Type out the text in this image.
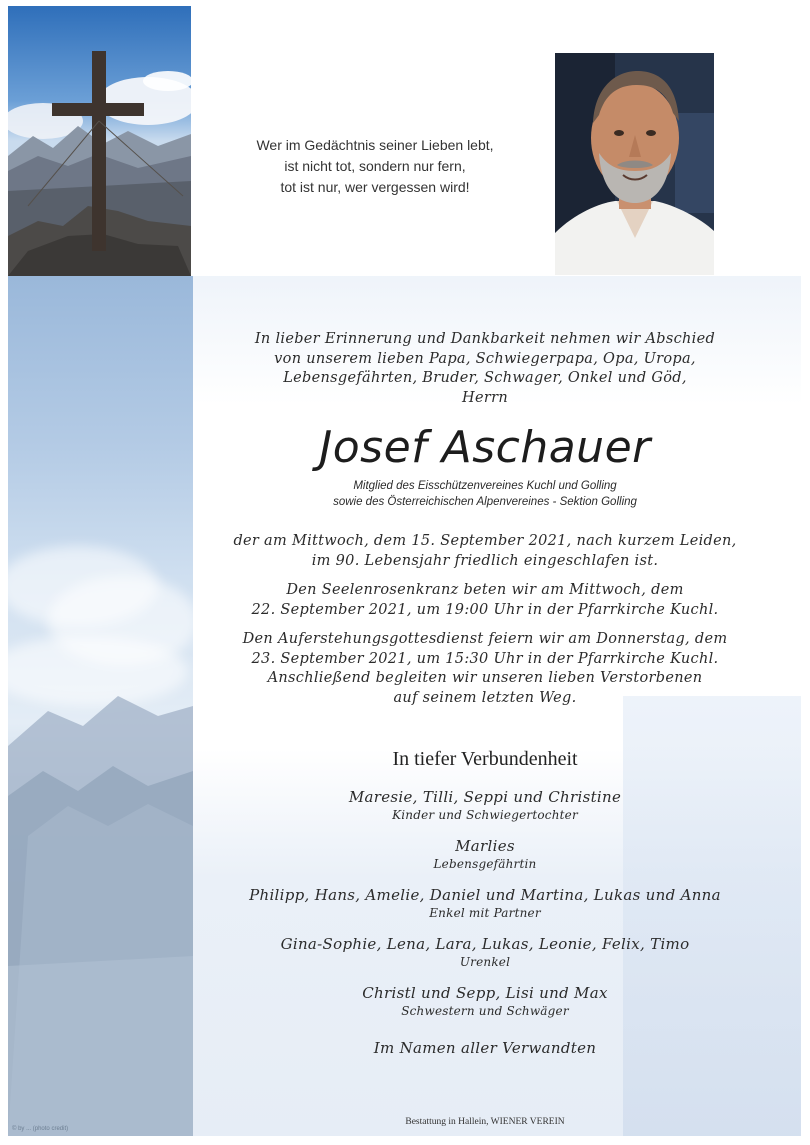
Wer im Gedächtnis seiner Lieben lebt,
ist nicht tot, sondern nur fern,
tot ist nur, wer vergessen wird!
In lieber Erinnerung und Dankbarkeit nehmen wir Abschied
von unserem lieben Papa, Schwiegerpapa, Opa, Uropa,
Lebensgefährten, Bruder, Schwager, Onkel und Göd,
Herrn
Josef Aschauer
Mitglied des Eisschützenvereines Kuchl und Golling
sowie des Österreichischen Alpenvereines - Sektion Golling
der am Mittwoch, dem 15. September 2021, nach kurzem Leiden,
im 90. Lebensjahr friedlich eingeschlafen ist.
Den Seelenrosenkranz beten wir am Mittwoch, dem
22. September 2021, um 19:00 Uhr in der Pfarrkirche Kuchl.
Den Auferstehungsgottesdienst feiern wir am Donnerstag, dem
23. September 2021, um 15:30 Uhr in der Pfarrkirche Kuchl.
Anschließend begleiten wir unseren lieben Verstorbenen
auf seinem letzten Weg.
In tiefer Verbundenheit
Maresie, Tilli, Seppi und Christine
Kinder und Schwiegertochter
Marlies
Lebensgefährtin
Philipp, Hans, Amelie, Daniel und Martina, Lukas und Anna
Enkel mit Partner
Gina-Sophie, Lena, Lara, Lukas, Leonie, Felix, Timo
Urenkel
Christl und Sepp, Lisi und Max
Schwestern und Schwäger
Im Namen aller Verwandten
Bestattung in Hallein, WIENER VEREIN
© by ... (photo credit)
